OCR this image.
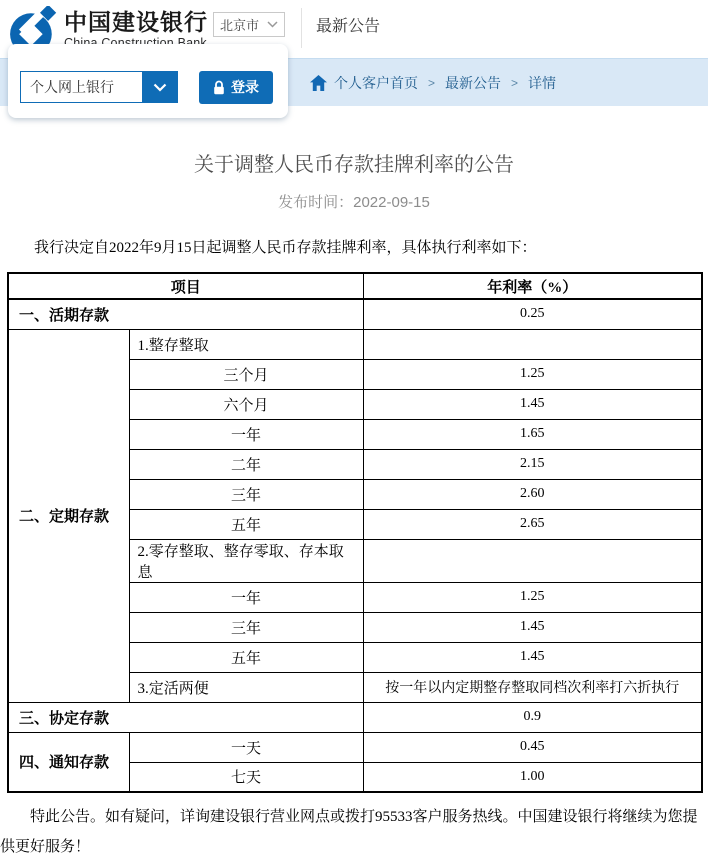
中国建设银行 北京市	最新公告
个人客户首页 > 最新公告 > 详情
个人网上银行	登录
关于调整人民币存款挂牌利率的公告
发布时间：2022-09-15

我行决定自2022年9月15日起调整人民币存款挂牌利率，具体执行利率如下：

项目		年利率（%）
一、活期存款		0.25
二、定期存款	1.整存整取	
	三个月	1.25
	六个月	1.45
	一年	1.65
	二年	2.15
	三年	2.60
	五年	2.65
	2.零存整取、整存零取、存本取息	
	一年	1.25
	三年	1.45
	五年	1.45
	3.定活两便	按一年以内定期整存整取同档次利率打六折执行
三、协定存款		0.9
四、通知存款	一天	0.45
	七天	1.00

特此公告。如有疑问，详询建设银行营业网点或拨打95533客户服务热线。中国建设银行将继续为您提供更好服务！
